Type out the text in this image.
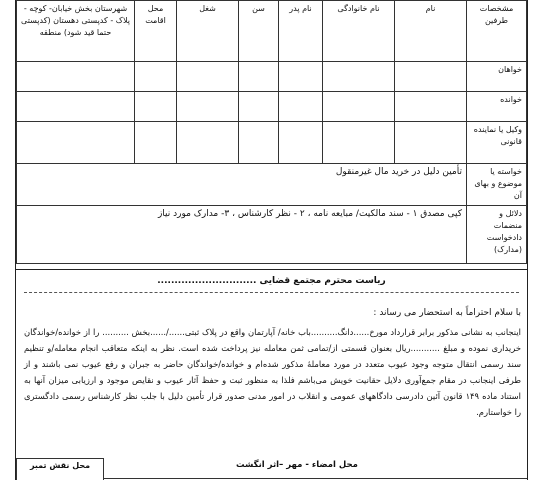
مشخصات طرفین	نام	نام خانوادگی	نام پدر	سن	شغل	محل اقامت	شهرستان بخش خیابان- کوچه - پلاک - کدپستی دهستان (کدپستی حتما قید شود) منطقه
خواهان							
خوانده							
وکیل یا نماینده قانونی							
خواسته یا موضوع و بهای آن	تأمین دلیل در خرید مال غیرمنقول						
دلائل و منضمات دادخواست (مدارک)	کپی مصدق ۱ - سند مالکیت/ مبایعه نامه ، ۲ - نظر کارشناس ، ۳- مدارک مورد نیاز						
ریاست محترم مجتمع قضایی .............................
با سلام احتراماً به استحضار می رساند :
اینجانب به نشانی مذکور برابر قرارداد مورخ......دانگ..........باب خانه/ آپارتمان واقع در پلاک ثبتی....../......بخش .......... را از خوانده/خواندگان خریداری نموده و مبلغ ...........ریال بعنوان قسمتی از/تمامی ثمن معامله نیز پرداخت شده است. نظر به اینکه متعاقب انجام معامله/و تنظیم سند رسمی انتقال متوجه وجود عیوب متعدد در مورد معاملهٔ مذکور شده‌ام و خوانده/خواندگان حاضر به جبران و رفع عیوب نمی باشند و از طرفی اینجانب در مقام جمع‌آوری دلایل حقانیت خویش می‌باشم فلذا به منظور ثبت و حفظ آثار عیوب و نقایص موجود و ارزیابی میزان آنها به استناد ماده ۱۴۹ قانون آئین دادرسی دادگاههای عمومی و انقلاب در امور مدنی صدور قرار تأمین دلیل با جلب نظر کارشناس رسمی دادگستری را خواستارم.
محل نقش تمبر	محل امضاء - مهر –اثر انگشت
